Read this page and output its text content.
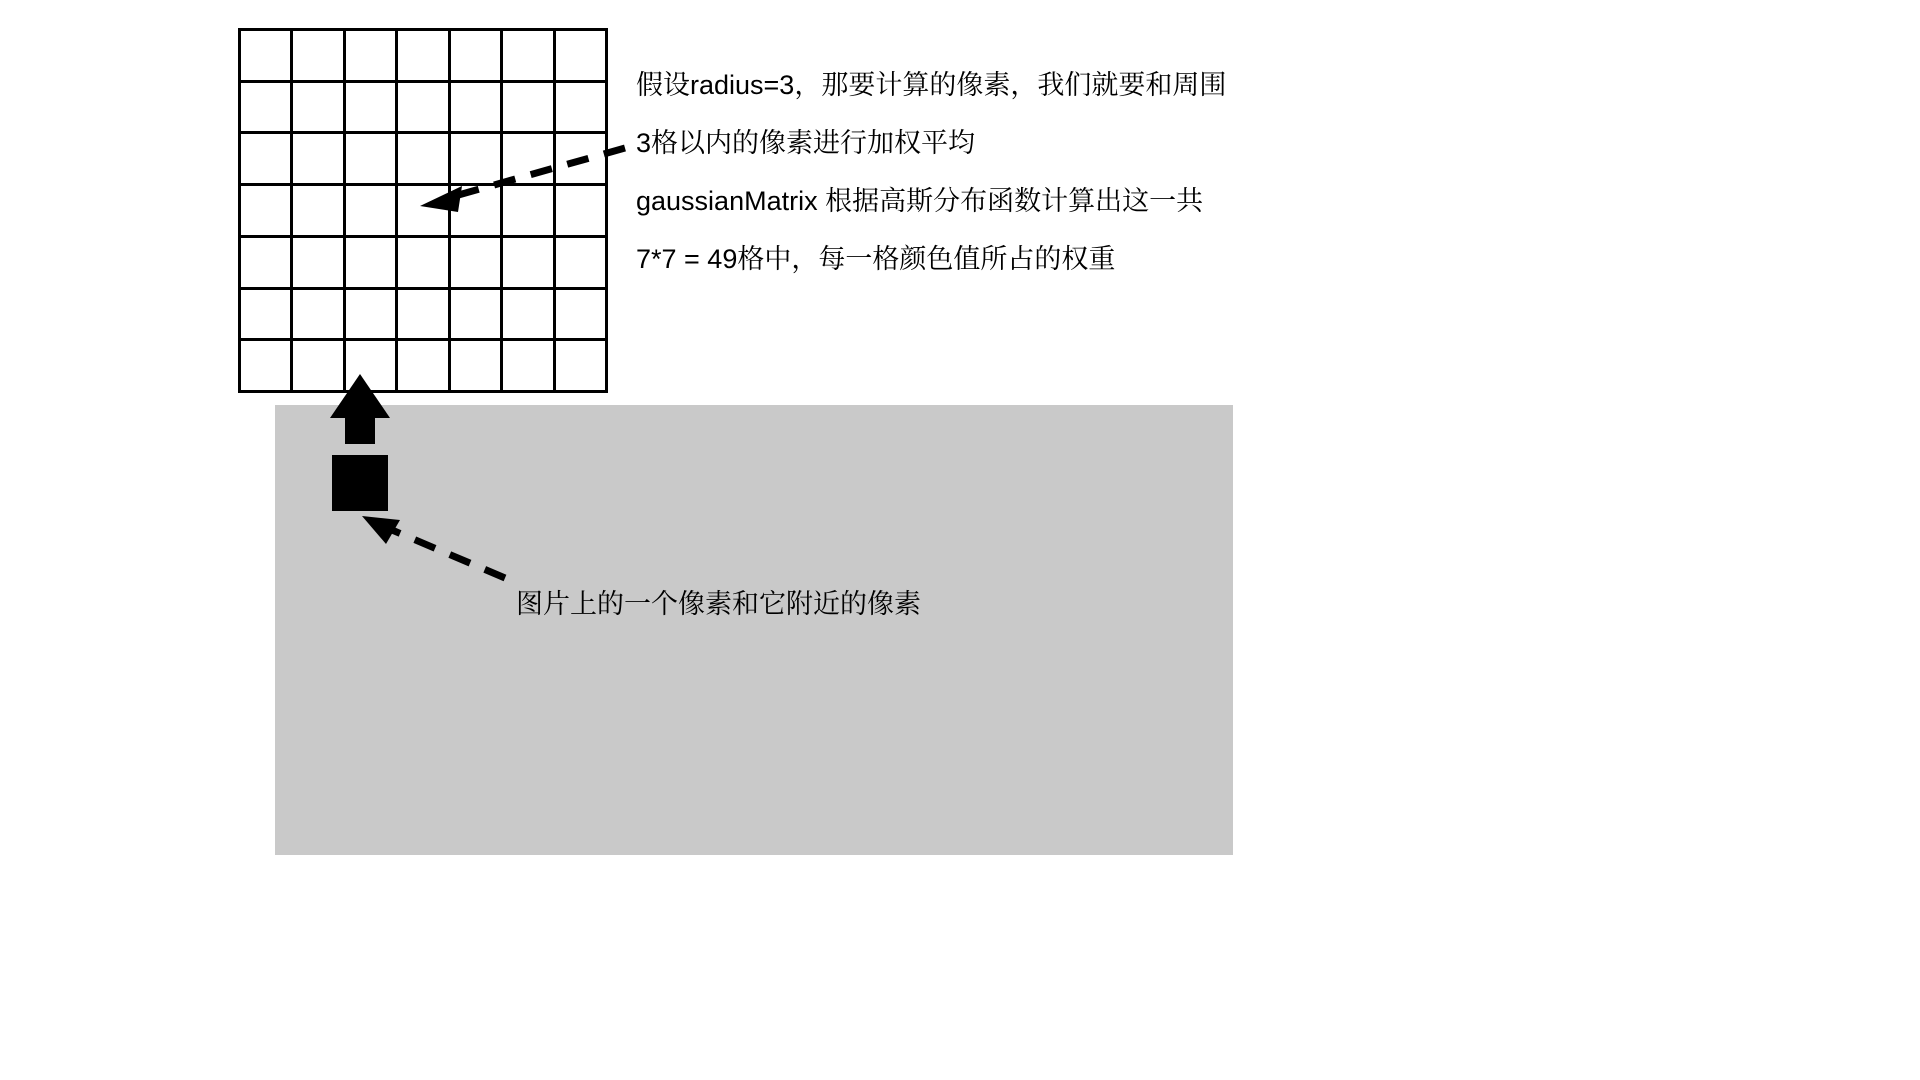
假设radius=3，那要计算的像素，我们就要和周围
3格以内的像素进行加权平均
gaussianMatrix 根据高斯分布函数计算出这一共
7*7 = 49格中，每一格颜色值所占的权重
图片上的一个像素和它附近的像素
